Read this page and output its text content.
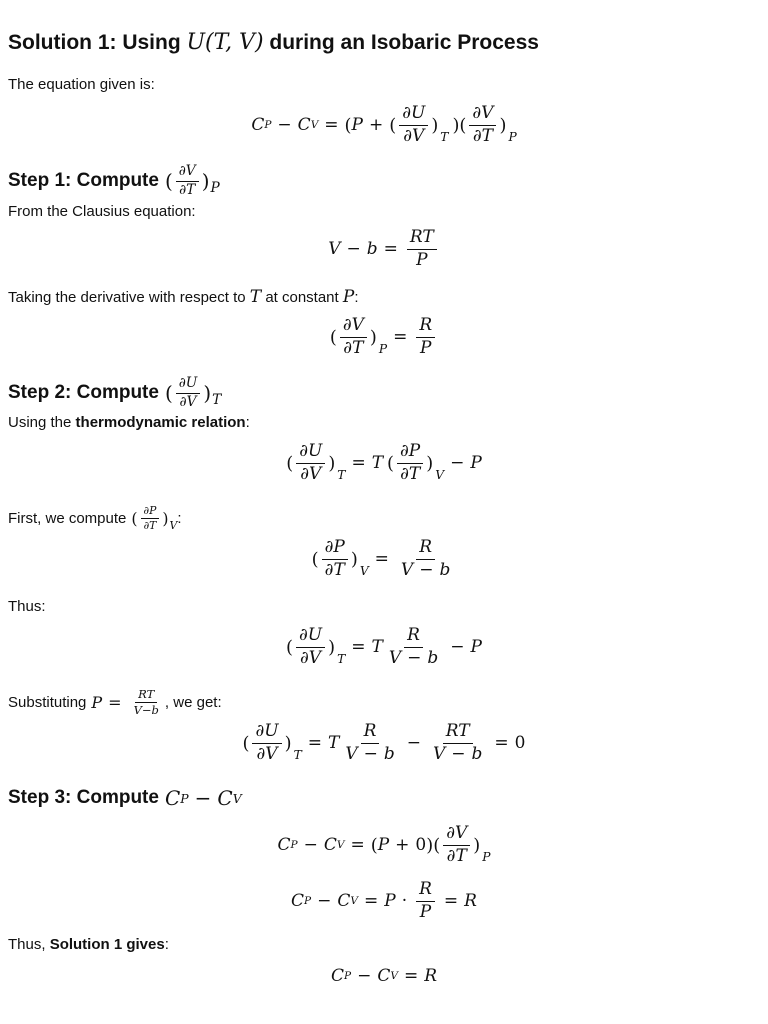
Solution 1: Using U(T, V) during an Isobaric Process
The equation given is:
C P − C V = ( P + ( $\frac{\partial U}{\partial V}$ )
T
) ( $\frac{\partial V}{\partial T}$ )
P
Step 1: Compute ( $\frac{\partial V}{\partial T}$ ) P
From the Clausius equation:
$V - b = \frac{RT}{P}$
Taking the derivative with respect to T at constant P:
( $\frac{\partial V}{\partial T}$ )
P
= $\frac{R}{P}$
Step 2: Compute ( $\frac{\partial U}{\partial V}$ ) T
Using the thermodynamic relation:
( $\frac{\partial U}{\partial V}$ )
T
= T ( $\frac{\partial P}{\partial T}$ )
V
− P
First, we compute ( $\frac{\partial P}{\partial T}$ ) V :
( $\frac{\partial P}{\partial T}$ )
V
= $\frac{R}{V - b}$
Thus:
( $\frac{\partial U}{\partial V}$ )
T
= T $\frac{R}{V - b} - P$
Substituting $P = \frac{RT}{V-b}$ , we get:
( $\frac{\partial U}{\partial V}$ )
T
= T $\frac{R}{V - b} - \frac{RT}{V - b} = 0$
Step 3: Compute C P − C V
C P − C V = ( P + 0 ) ( $\frac{\partial V}{\partial T}$ )
P
C P − C $V = P \cdot \frac{R}{P} = R$
Thus, Solution 1 gives:
C P − C V = R
